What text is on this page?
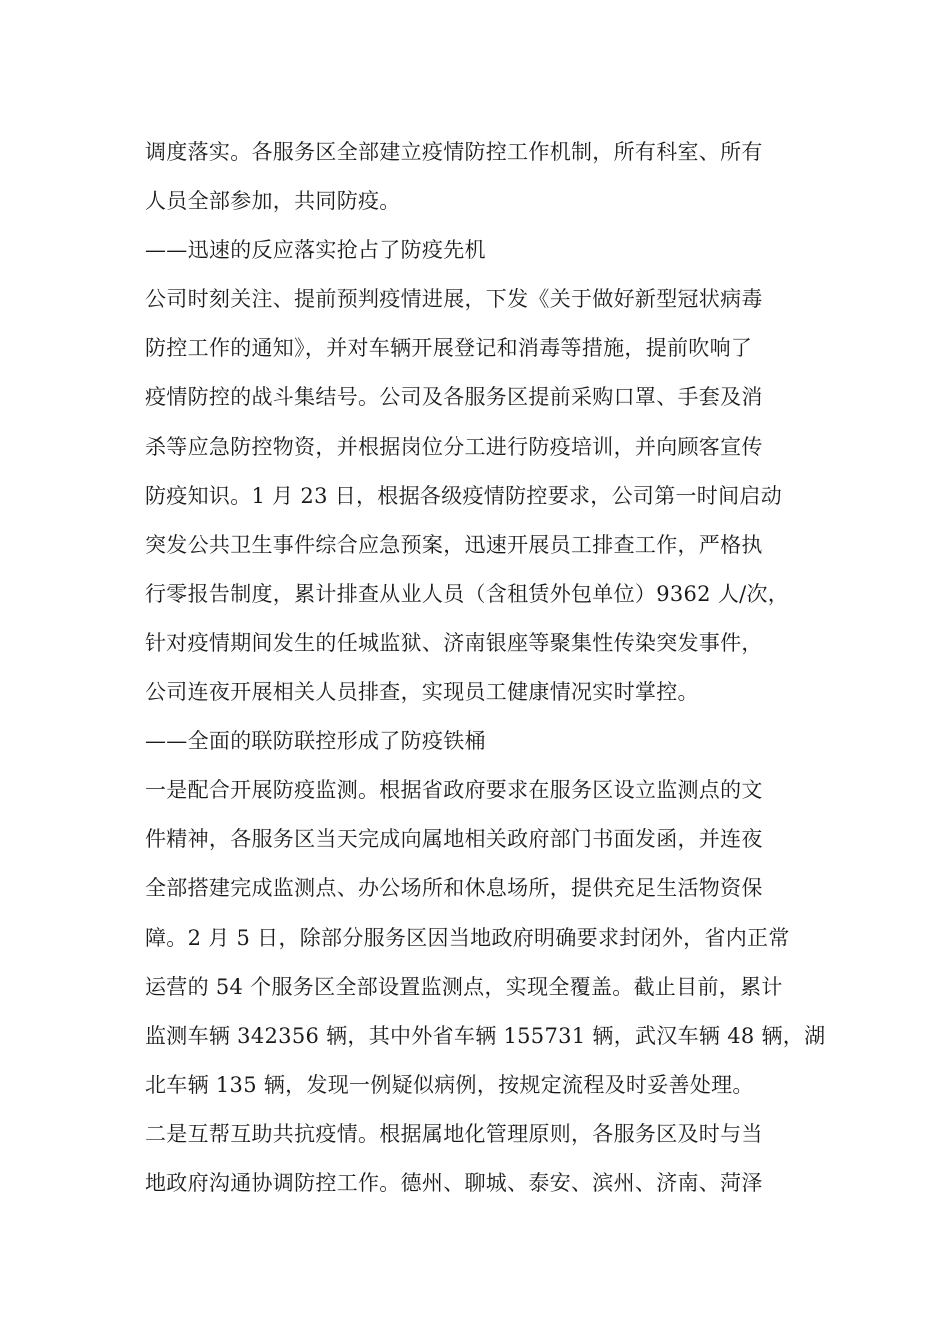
调度落实。各服务区全部建立疫情防控工作机制，所有科室、所有
人员全部参加，共同防疫。
——迅速的反应落实抢占了防疫先机
公司时刻关注、提前预判疫情进展，下发《关于做好新型冠状病毒
防控工作的通知》，并对车辆开展登记和消毒等措施，提前吹响了
疫情防控的战斗集结号。公司及各服务区提前采购口罩、手套及消
杀等应急防控物资，并根据岗位分工进行防疫培训，并向顾客宣传
防疫知识。1 月 23 日，根据各级疫情防控要求，公司第一时间启动
突发公共卫生事件综合应急预案，迅速开展员工排查工作，严格执
行零报告制度，累计排查从业人员（含租赁外包单位）9362 人/次，
针对疫情期间发生的任城监狱、济南银座等聚集性传染突发事件，
公司连夜开展相关人员排查，实现员工健康情况实时掌控。
——全面的联防联控形成了防疫铁桶
一是配合开展防疫监测。根据省政府要求在服务区设立监测点的文
件精神，各服务区当天完成向属地相关政府部门书面发函，并连夜
全部搭建完成监测点、办公场所和休息场所，提供充足生活物资保
障。2 月 5 日，除部分服务区因当地政府明确要求封闭外，省内正常
运营的 54 个服务区全部设置监测点，实现全覆盖。截止目前，累计
监测车辆 342356 辆，其中外省车辆 155731 辆，武汉车辆 48 辆，湖
北车辆 135 辆，发现一例疑似病例，按规定流程及时妥善处理。
二是互帮互助共抗疫情。根据属地化管理原则，各服务区及时与当
地政府沟通协调防控工作。德州、聊城、泰安、滨州、济南、菏泽
